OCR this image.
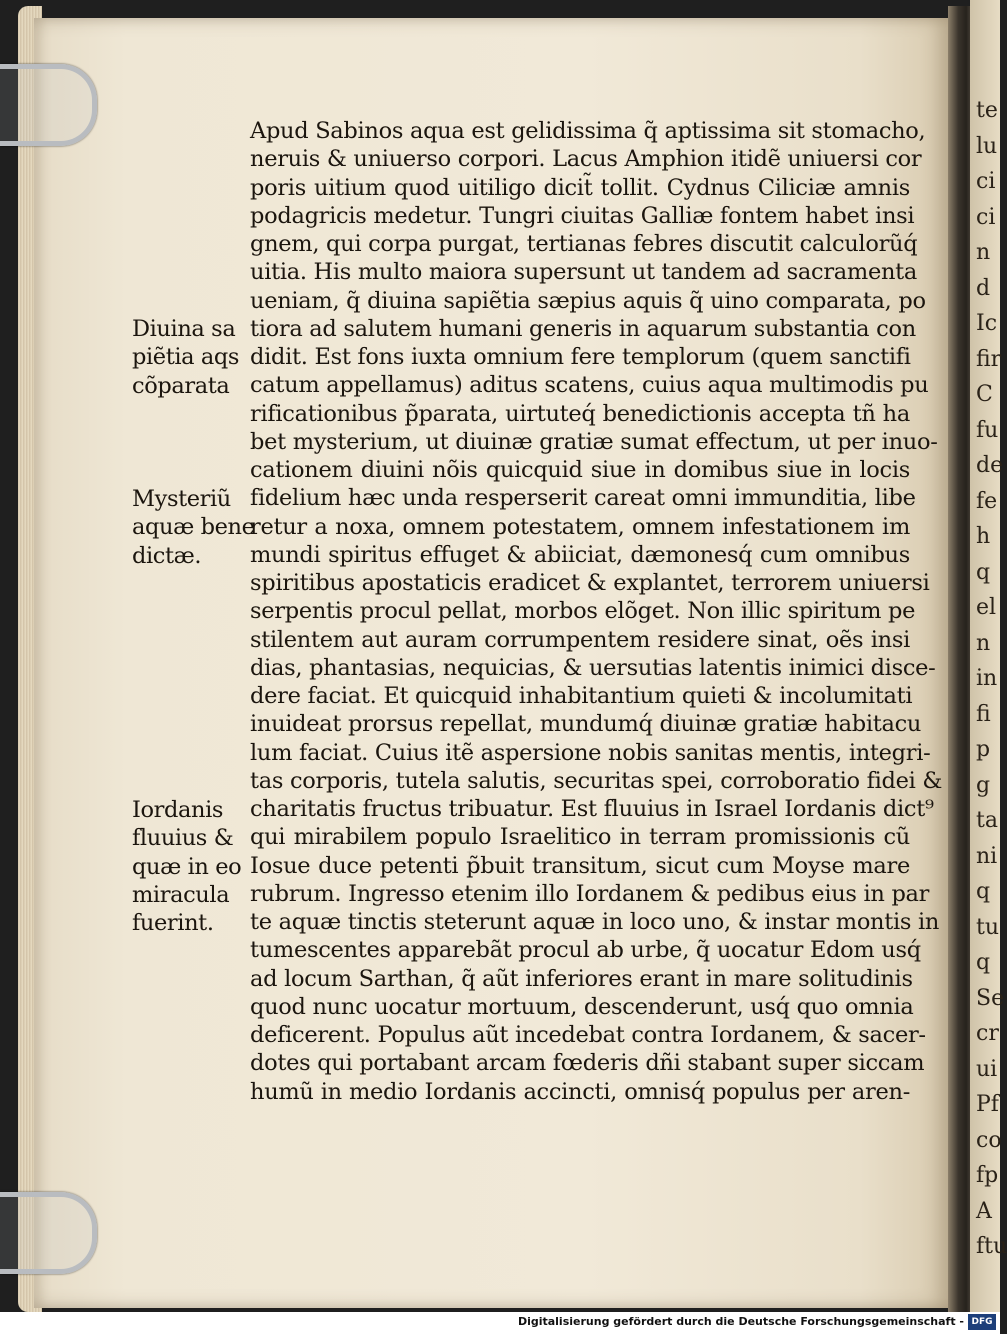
te
lu
ci
ci
n
d
Ic
fir
C
fu
de
fe
h
q
el
n
in
fi
p
g
ta
ni
q
tu
q
Se
cr
ui
Pf
co
fp
A
ftu
Diuina sa
piẽtia aqs
cõparata
Mysteriũ
aquæ bene
dictæ.
Iordanis
fluuius &
quæ in eo
miracula
fuerint.
Apud Sabinos aqua est gelidissima q̃ aptissima sit stomacho,
neruis & uniuerso corpori. Lacus Amphion itidẽ uniuersi cor
poris uitium quod uitiligo dicit̃ tollit. Cydnus Ciliciæ amnis
podagricis medetur. Tungri ciuitas Galliæ fontem habet insi
gnem, qui corpa purgat, tertianas febres discutit calculorũq́
uitia. His multo maiora supersunt ut tandem ad sacramenta
ueniam, q̃ diuina sapiẽtia sæpius aquis q̃ uino comparata, po
tiora ad salutem humani generis in aquarum substantia con
didit. Est fons iuxta omnium fere templorum (quem sanctifi
catum appellamus) aditus scatens, cuius aqua multimodis pu
rificationibus p̃parata, uirtuteq́ benedictionis accepta tñ ha
bet mysterium, ut diuinæ gratiæ sumat effectum, ut per inuo-
cationem diuini nõis quicquid siue in domibus siue in locis
fidelium hæc unda resperserit careat omni immunditia, libe
retur a noxa, omnem potestatem, omnem infestationem im
mundi spiritus effuget & abiiciat, dæmonesq́ cum omnibus
spiritibus apostaticis eradicet & explantet, terrorem uniuersi
serpentis procul pellat, morbos elõget. Non illic spiritum pe
stilentem aut auram corrumpentem residere sinat, oẽs insi
dias, phantasias, nequicias, & uersutias latentis inimici disce-
dere faciat. Et quicquid inhabitantium quieti & incolumitati
inuideat prorsus repellat, mundumq́ diuinæ gratiæ habitacu
lum faciat. Cuius itẽ aspersione nobis sanitas mentis, integri-
tas corporis, tutela salutis, securitas spei, corroboratio fidei &
charitatis fructus tribuatur. Est fluuius in Israel Iordanis dict⁹
qui mirabilem populo Israelitico in terram promissionis cũ
Iosue duce petenti p̃buit transitum, sicut cum Moyse mare
rubrum. Ingresso etenim illo Iordanem & pedibus eius in par
te aquæ tinctis steterunt aquæ in loco uno, & instar montis in
tumescentes apparebãt procul ab urbe, q̃ uocatur Edom usq́
ad locum Sarthan, q̃ aũt inferiores erant in mare solitudinis
quod nunc uocatur mortuum, descenderunt, usq́ quo omnia
deficerent. Populus aũt incedebat contra Iordanem, & sacer-
dotes qui portabant arcam fœderis dñi stabant super siccam
humũ in medio Iordanis accincti, omnisq́ populus per aren-
Digitalisierung gefördert durch die Deutsche Forschungsgemeinschaft - DFG
